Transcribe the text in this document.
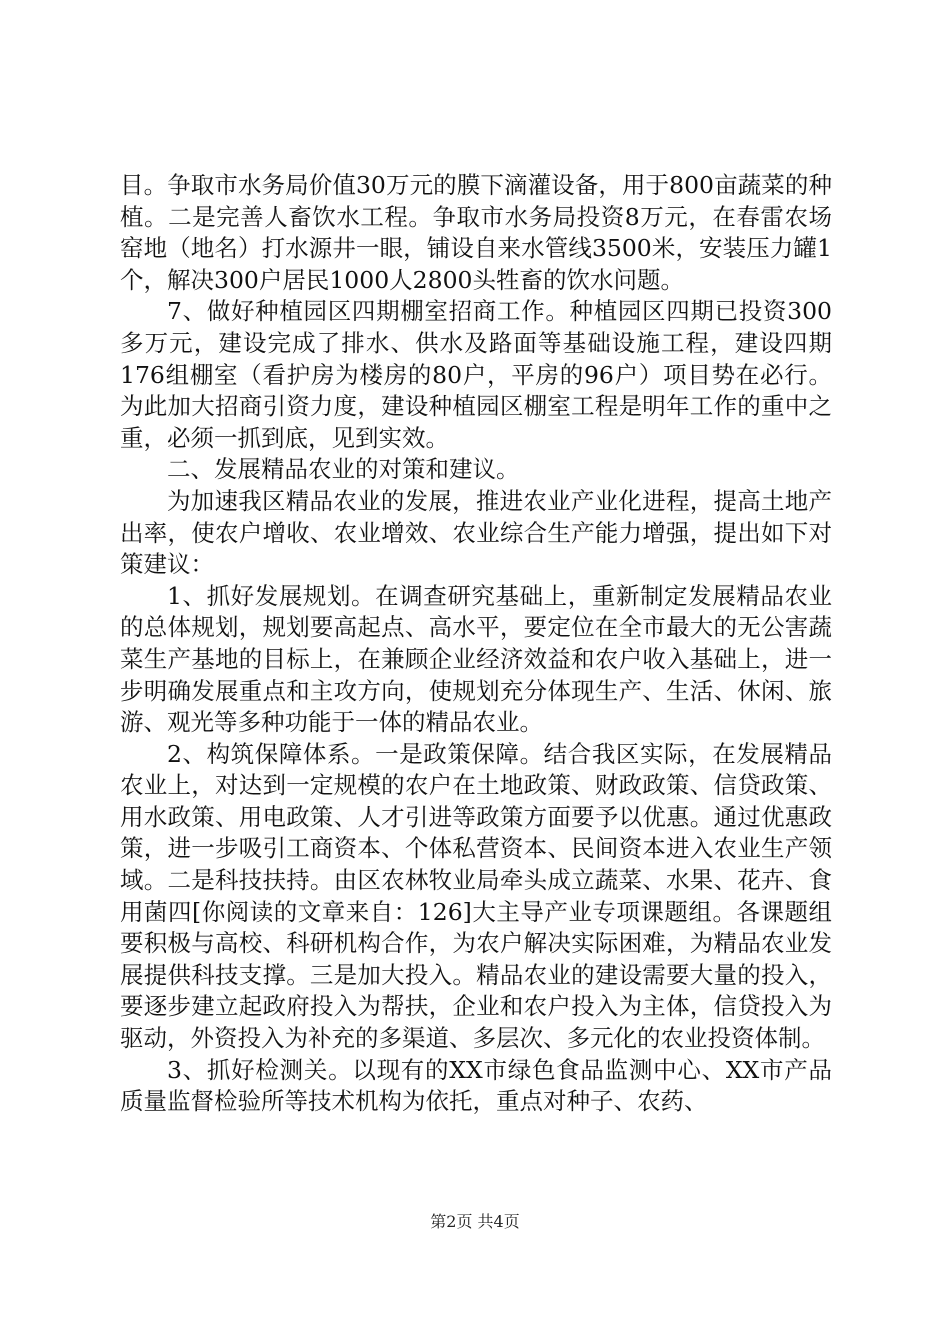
目。争取市水务局价值30万元的膜下滴灌设备，用于800亩蔬菜的种植。二是完善人畜饮水工程。争取市水务局投资8万元，在春雷农场窑地（地名）打水源井一眼，铺设自来水管线3500米，安装压力罐1个，解决300户居民1000人2800头牲畜的饮水问题。

7、做好种植园区四期棚室招商工作。种植园区四期已投资300多万元，建设完成了排水、供水及路面等基础设施工程，建设四期176组棚室（看护房为楼房的80户，平房的96户）项目势在必行。为此加大招商引资力度，建设种植园区棚室工程是明年工作的重中之重，必须一抓到底，见到实效。

二、发展精品农业的对策和建议。

为加速我区精品农业的发展，推进农业产业化进程，提高土地产出率，使农户增收、农业增效、农业综合生产能力增强，提出如下对策建议：

1、抓好发展规划。在调查研究基础上，重新制定发展精品农业的总体规划，规划要高起点、高水平，要定位在全市最大的无公害蔬菜生产基地的目标上，在兼顾企业经济效益和农户收入基础上，进一步明确发展重点和主攻方向，使规划充分体现生产、生活、休闲、旅游、观光等多种功能于一体的精品农业。

2、构筑保障体系。一是政策保障。结合我区实际，在发展精品农业上，对达到一定规模的农户在土地政策、财政政策、信贷政策、用水政策、用电政策、人才引进等政策方面要予以优惠。通过优惠政策，进一步吸引工商资本、个体私营资本、民间资本进入农业生产领域。二是科技扶持。由区农林牧业局牵头成立蔬菜、水果、花卉、食用菌四[你阅读的文章来自：126]大主导产业专项课题组。各课题组要积极与高校、科研机构合作，为农户解决实际困难，为精品农业发展提供科技支撑。三是加大投入。精品农业的建设需要大量的投入，要逐步建立起政府投入为帮扶，企业和农户投入为主体，信贷投入为驱动，外资投入为补充的多渠道、多层次、多元化的农业投资体制。

3、抓好检测关。以现有的XX市绿色食品监测中心、XX市产品质量监督检验所等技术机构为依托，重点对种子、农药、

第2页 共4页
